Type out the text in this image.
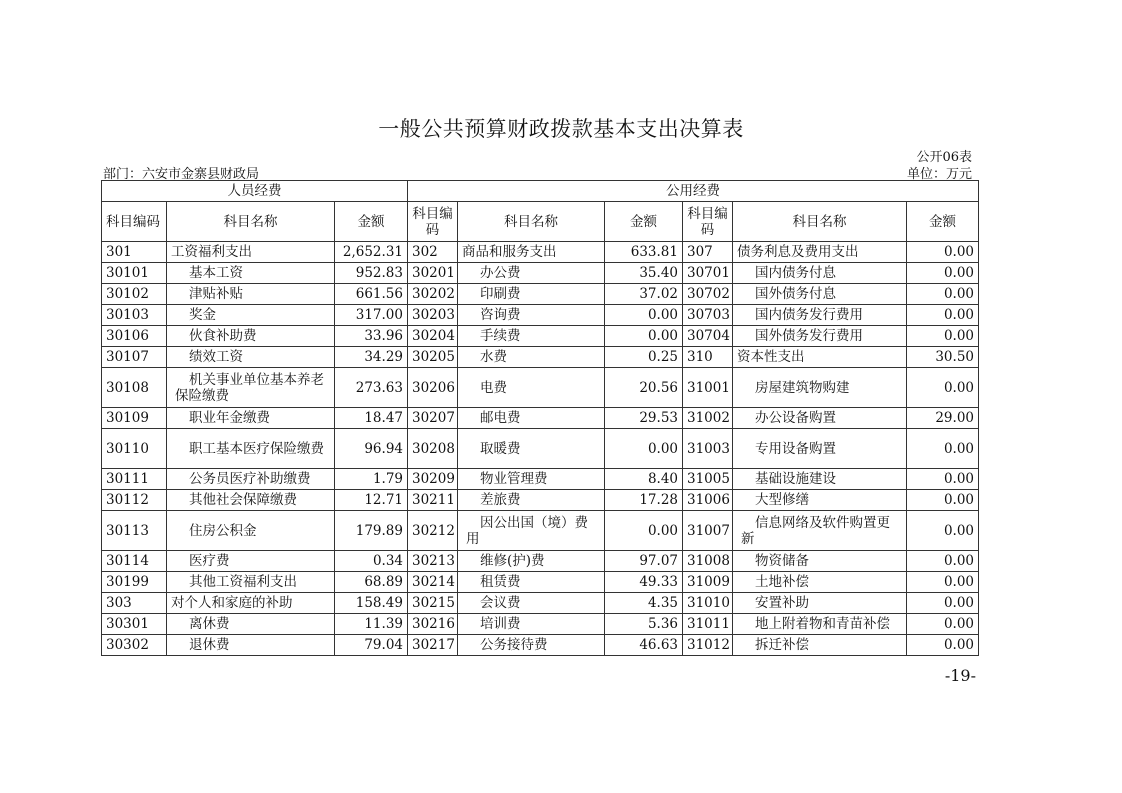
一般公共预算财政拨款基本支出决算表
公开06表
部门：六安市金寨县财政局	单位：万元
人员经费			公用经费					
科目编码	科目名称	金额	科目编码	科目名称	金额	科目编码	科目名称	金额
301	工资福利支出	2,652.31	302	商品和服务支出	633.81	307	债务利息及费用支出	0.00
30101	基本工资	952.83	30201	办公费	35.40	30701	国内债务付息	0.00
30102	津贴补贴	661.56	30202	印刷费	37.02	30702	国外债务付息	0.00
30103	奖金	317.00	30203	咨询费	0.00	30703	国内债务发行费用	0.00
30106	伙食补助费	33.96	30204	手续费	0.00	30704	国外债务发行费用	0.00
30107	绩效工资	34.29	30205	水费	0.25	310	资本性支出	30.50
30108	机关事业单位基本养老保险缴费	273.63	30206	电费	20.56	31001	房屋建筑物购建	0.00
30109	职业年金缴费	18.47	30207	邮电费	29.53	31002	办公设备购置	29.00
30110	职工基本医疗保险缴费	96.94	30208	取暖费	0.00	31003	专用设备购置	0.00
30111	公务员医疗补助缴费	1.79	30209	物业管理费	8.40	31005	基础设施建设	0.00
30112	其他社会保障缴费	12.71	30211	差旅费	17.28	31006	大型修缮	0.00
30113	住房公积金	179.89	30212	因公出国（境）费用	0.00	31007	信息网络及软件购置更新	0.00
30114	医疗费	0.34	30213	维修(护)费	97.07	31008	物资储备	0.00
30199	其他工资福利支出	68.89	30214	租赁费	49.33	31009	土地补偿	0.00
303	对个人和家庭的补助	158.49	30215	会议费	4.35	31010	安置补助	0.00
30301	离休费	11.39	30216	培训费	5.36	31011	地上附着物和青苗补偿	0.00
30302	退休费	79.04	30217	公务接待费	46.63	31012	拆迁补偿	0.00
-19-
